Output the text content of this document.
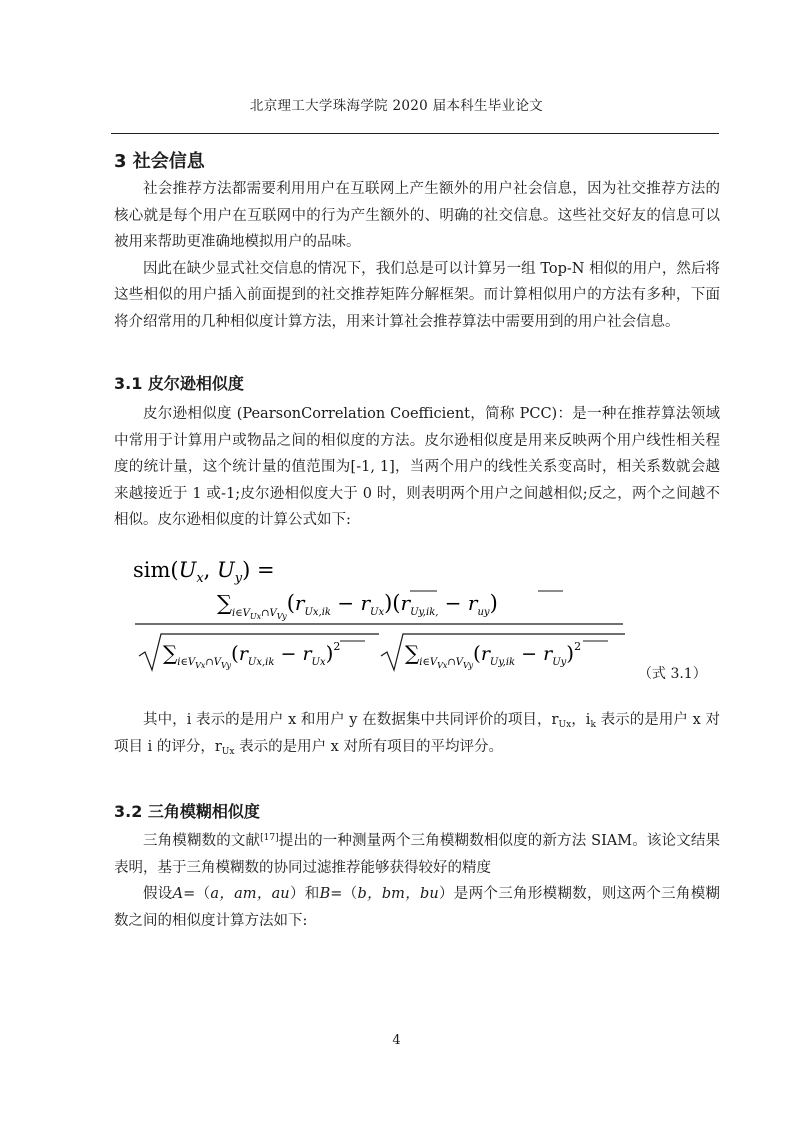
北京理工大学珠海学院 2020 届本科生毕业论文
3 社会信息

社会推荐方法都需要利用用户在互联网上产生额外的用户社会信息，因为社交推荐方法的核心就是每个用户在互联网中的行为产生额外的、明确的社交信息。这些社交好友的信息可以被用来帮助更准确地模拟用户的品味。

因此在缺少显式社交信息的情况下，我们总是可以计算另一组 Top-N 相似的用户，然后将这些相似的用户插入前面提到的社交推荐矩阵分解框架。而计算相似用户的方法有多种，下面将介绍常用的几种相似度计算方法，用来计算社会推荐算法中需要用到的用户社会信息。

3.1 皮尔逊相似度

皮尔逊相似度 (PearsonCorrelation Coefficient，简称 PCC)：是一种在推荐算法领域中常用于计算用户或物品之间的相似度的方法。皮尔逊相似度是用来反映两个用户线性相关程度的统计量，这个统计量的值范围为[-1, 1]，当两个用户的线性关系变高时，相关系数就会越来越接近于 1 或-1;皮尔逊相似度大于 0 时，则表明两个用户之间越相似;反之，两个之间越不相似。皮尔逊相似度的计算公式如下:

$sim(U_x$, $U_y$) =
$\sum_{i\in V}Ux\cap VVy(r_{Ux,ik} - r_{Ux})(r_{Uy,ik,} - r_{uy})$
$\sum_{i\in V}Vx\cap VVy(r_{Ux,ik} - r_{Ux})^2$	$\sum_{i\in V}Vx\cap VVy(r_{Uy,ik} - r_{Uy})^2$
（式 3.1）

其中，i 表示的是用户 x 和用户 y 在数据集中共同评价的项目，$r_{Ux}$，$i_k$ 表示的是用户 x 对项目 i 的评分，$r_{Ux}$ 表示的是用户 x 对所有项目的平均评分。

3.2 三角模糊相似度

三角模糊数的文献[17]提出的一种测量两个三角模糊数相似度的新方法 SIAM。该论文结果表明，基于三角模糊数的协同过滤推荐能够获得较好的精度

假设A=（a，am，au）和B=（b，bm，bu）是两个三角形模糊数，则这两个三角模糊数之间的相似度计算方法如下:

4
